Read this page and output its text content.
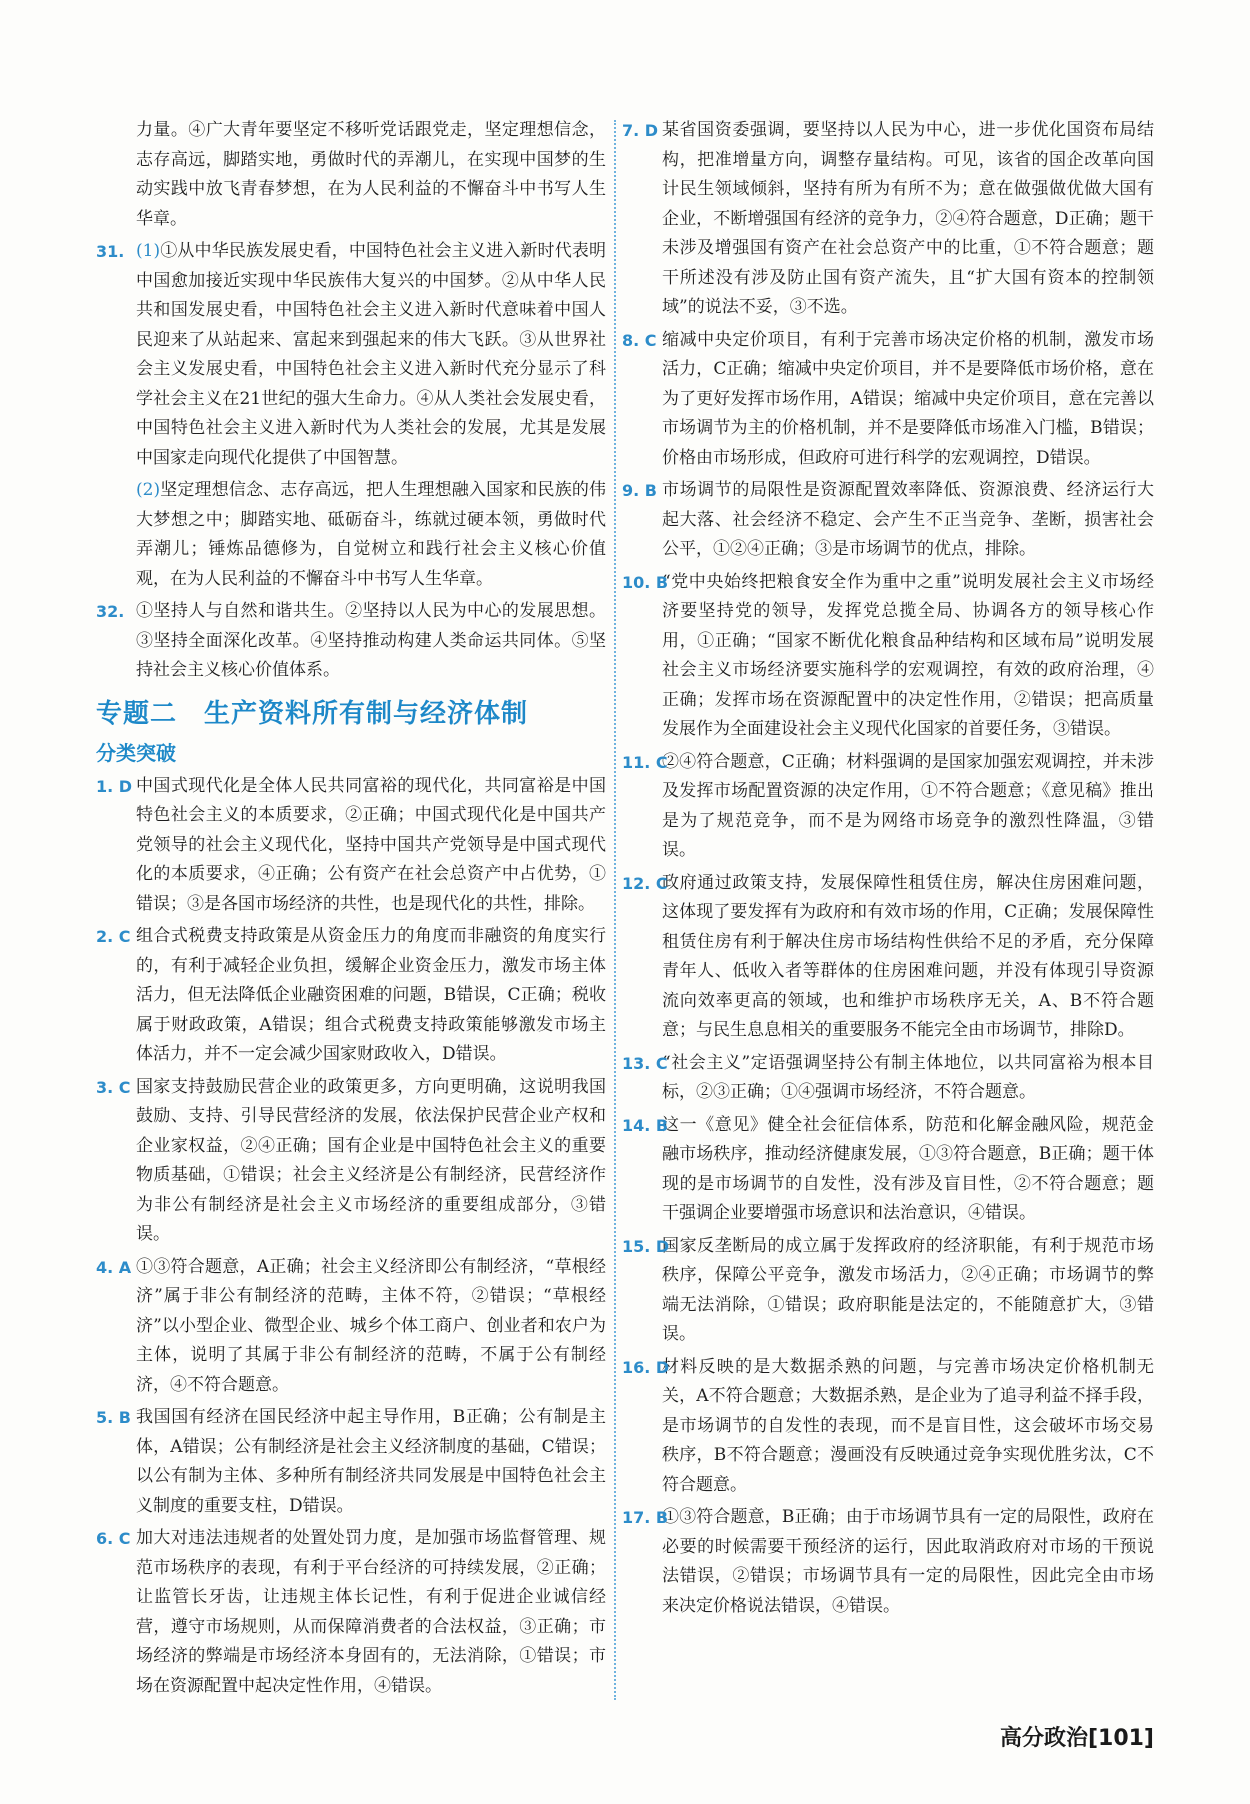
力量。④广大青年要坚定不移听党话跟党走，坚定理想信念，志存高远，脚踏实地，勇做时代的弄潮儿，在实现中国梦的生动实践中放飞青春梦想，在为人民利益的不懈奋斗中书写人生华章。
31. (1)①从中华民族发展史看，中国特色社会主义进入新时代表明中国愈加接近实现中华民族伟大复兴的中国梦。②从中华人民共和国发展史看，中国特色社会主义进入新时代意味着中国人民迎来了从站起来、富起来到强起来的伟大飞跃。③从世界社会主义发展史看，中国特色社会主义进入新时代充分显示了科学社会主义在21世纪的强大生命力。④从人类社会发展史看，中国特色社会主义进入新时代为人类社会的发展，尤其是发展中国家走向现代化提供了中国智慧。
(2)坚定理想信念、志存高远，把人生理想融入国家和民族的伟大梦想之中；脚踏实地、砥砺奋斗，练就过硬本领，勇做时代弄潮儿；锤炼品德修为，自觉树立和践行社会主义核心价值观，在为人民利益的不懈奋斗中书写人生华章。
32. ①坚持人与自然和谐共生。②坚持以人民为中心的发展思想。③坚持全面深化改革。④坚持推动构建人类命运共同体。⑤坚持社会主义核心价值体系。
专题二　生产资料所有制与经济体制
分类突破
1. D 中国式现代化是全体人民共同富裕的现代化，共同富裕是中国特色社会主义的本质要求，②正确；中国式现代化是中国共产党领导的社会主义现代化，坚持中国共产党领导是中国式现代化的本质要求，④正确；公有资产在社会总资产中占优势，①错误；③是各国市场经济的共性，也是现代化的共性，排除。
2. C 组合式税费支持政策是从资金压力的角度而非融资的角度实行的，有利于减轻企业负担，缓解企业资金压力，激发市场主体活力，但无法降低企业融资困难的问题，B错误，C正确；税收属于财政政策，A错误；组合式税费支持政策能够激发市场主体活力，并不一定会减少国家财政收入，D错误。
3. C 国家支持鼓励民营企业的政策更多，方向更明确，这说明我国鼓励、支持、引导民营经济的发展，依法保护民营企业产权和企业家权益，②④正确；国有企业是中国特色社会主义的重要物质基础，①错误；社会主义经济是公有制经济，民营经济作为非公有制经济是社会主义市场经济的重要组成部分，③错误。
4. A ①③符合题意，A正确；社会主义经济即公有制经济，“草根经济”属于非公有制经济的范畴，主体不符，②错误；“草根经济”以小型企业、微型企业、城乡个体工商户、创业者和农户为主体，说明了其属于非公有制经济的范畴，不属于公有制经济，④不符合题意。
5. B 我国国有经济在国民经济中起主导作用，B正确；公有制是主体，A错误；公有制经济是社会主义经济制度的基础，C错误；以公有制为主体、多种所有制经济共同发展是中国特色社会主义制度的重要支柱，D错误。
6. C 加大对违法违规者的处置处罚力度，是加强市场监督管理、规范市场秩序的表现，有利于平台经济的可持续发展，②正确；让监管长牙齿，让违规主体长记性，有利于促进企业诚信经营，遵守市场规则，从而保障消费者的合法权益，③正确；市场经济的弊端是市场经济本身固有的，无法消除，①错误；市场在资源配置中起决定性作用，④错误。
7. D 某省国资委强调，要坚持以人民为中心，进一步优化国资布局结构，把准增量方向，调整存量结构。可见，该省的国企改革向国计民生领域倾斜，坚持有所为有所不为；意在做强做优做大国有企业，不断增强国有经济的竞争力，②④符合题意，D正确；题干未涉及增强国有资产在社会总资产中的比重，①不符合题意；题干所述没有涉及防止国有资产流失，且“扩大国有资本的控制领域”的说法不妥，③不选。
8. C 缩减中央定价项目，有利于完善市场决定价格的机制，激发市场活力，C正确；缩减中央定价项目，并不是要降低市场价格，意在为了更好发挥市场作用，A错误；缩减中央定价项目，意在完善以市场调节为主的价格机制，并不是要降低市场准入门槛，B错误；价格由市场形成，但政府可进行科学的宏观调控，D错误。
9. B 市场调节的局限性是资源配置效率降低、资源浪费、经济运行大起大落、社会经济不稳定、会产生不正当竞争、垄断，损害社会公平，①②④正确；③是市场调节的优点，排除。
10. B
“党中央始终把粮食安全作为重中之重”说明发展社会主义市场经济要坚持党的领导，发挥党总揽全局、协调各方的领导核心作用，①正确；“国家不断优化粮食品种结构和区域布局”说明发展社会主义市场经济要实施科学的宏观调控，有效的政府治理，④正确；发挥市场在资源配置中的决定性作用，②错误；把高质量发展作为全面建设社会主义现代化国家的首要任务，③错误。
11. C
②④符合题意，C正确；材料强调的是国家加强宏观调控，并未涉及发挥市场配置资源的决定作用，①不符合题意；《意见稿》推出是为了规范竞争，而不是为网络市场竞争的激烈性降温，③错误。
12. C
政府通过政策支持，发展保障性租赁住房，解决住房困难问题，这体现了要发挥有为政府和有效市场的作用，C正确；发展保障性租赁住房有利于解决住房市场结构性供给不足的矛盾，充分保障青年人、低收入者等群体的住房困难问题，并没有体现引导资源流向效率更高的领域，也和维护市场秩序无关，A、B不符合题意；与民生息息相关的重要服务不能完全由市场调节，排除D。
13. C
“社会主义”定语强调坚持公有制主体地位，以共同富裕为根本目标，②③正确；①④强调市场经济，不符合题意。
14. B
这一《意见》健全社会征信体系，防范和化解金融风险，规范金融市场秩序，推动经济健康发展，①③符合题意，B正确；题干体现的是市场调节的自发性，没有涉及盲目性，②不符合题意；题干强调企业要增强市场意识和法治意识，④错误。
15. D
国家反垄断局的成立属于发挥政府的经济职能，有利于规范市场秩序，保障公平竞争，激发市场活力，②④正确；市场调节的弊端无法消除，①错误；政府职能是法定的，不能随意扩大，③错误。
16. D
材料反映的是大数据杀熟的问题，与完善市场决定价格机制无关，A不符合题意；大数据杀熟，是企业为了追寻利益不择手段，是市场调节的自发性的表现，而不是盲目性，这会破坏市场交易秩序，B不符合题意；漫画没有反映通过竞争实现优胜劣汰，C不符合题意。
17. B
①③符合题意，B正确；由于市场调节具有一定的局限性，政府在必要的时候需要干预经济的运行，因此取消政府对市场的干预说法错误，②错误；市场调节具有一定的局限性，因此完全由市场来决定价格说法错误，④错误。
高分政治[101]
